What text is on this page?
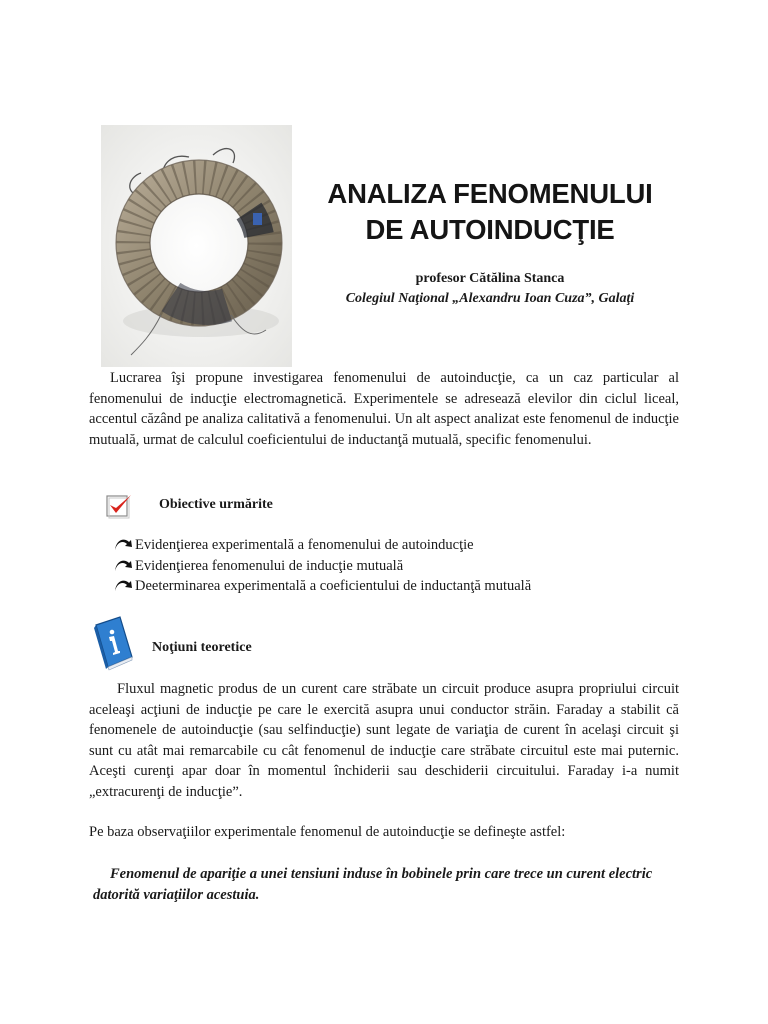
ANALIZA FENOMENULUI
DE AUTOINDUCŢIE
profesor Cătălina Stanca
Colegiul Naţional „Alexandru Ioan Cuza”, Galaţi

Lucrarea îşi propune investigarea fenomenului de autoinducţie, ca un caz particular al fenomenului de inducţie electromagnetică. Experimentele se adresează elevilor din ciclul liceal, accentul căzând pe analiza calitativă a fenomenului. Un alt aspect analizat este fenomenul de inducţie mutuală, urmat de calculul coeficientului de inductanţă mutuală, specific fenomenului.

Obiective urmărite
Evidenţierea experimentală a fenomenului de autoinducţie
Evidenţierea fenomenului de inducţie mutuală
Deeterminarea experimentală a coeficientului de inductanţă mutuală
Noţiuni teoretice

Fluxul magnetic produs de un curent care străbate un circuit produce asupra propriului circuit aceleaşi acţiuni de inducţie pe care le exercită asupra unui conductor străin. Faraday a stabilit că fenomenele de autoinducţie (sau selfinducţie) sunt legate de variaţia de curent în acelaşi circuit şi sunt cu atât mai remarcabile cu cât fenomenul de inducţie care străbate circuitul este mai puternic. Aceşti curenţi apar doar în momentul închiderii sau deschiderii circuitului. Faraday i-a numit „extracurenţi de inducţie”.

Pe baza observaţiilor experimentale fenomenul de autoinducţie se defineşte astfel:

Fenomenul de apariţie a unei tensiuni induse în bobinele prin care trece un curent electric datorită variaţiilor acestuia.
